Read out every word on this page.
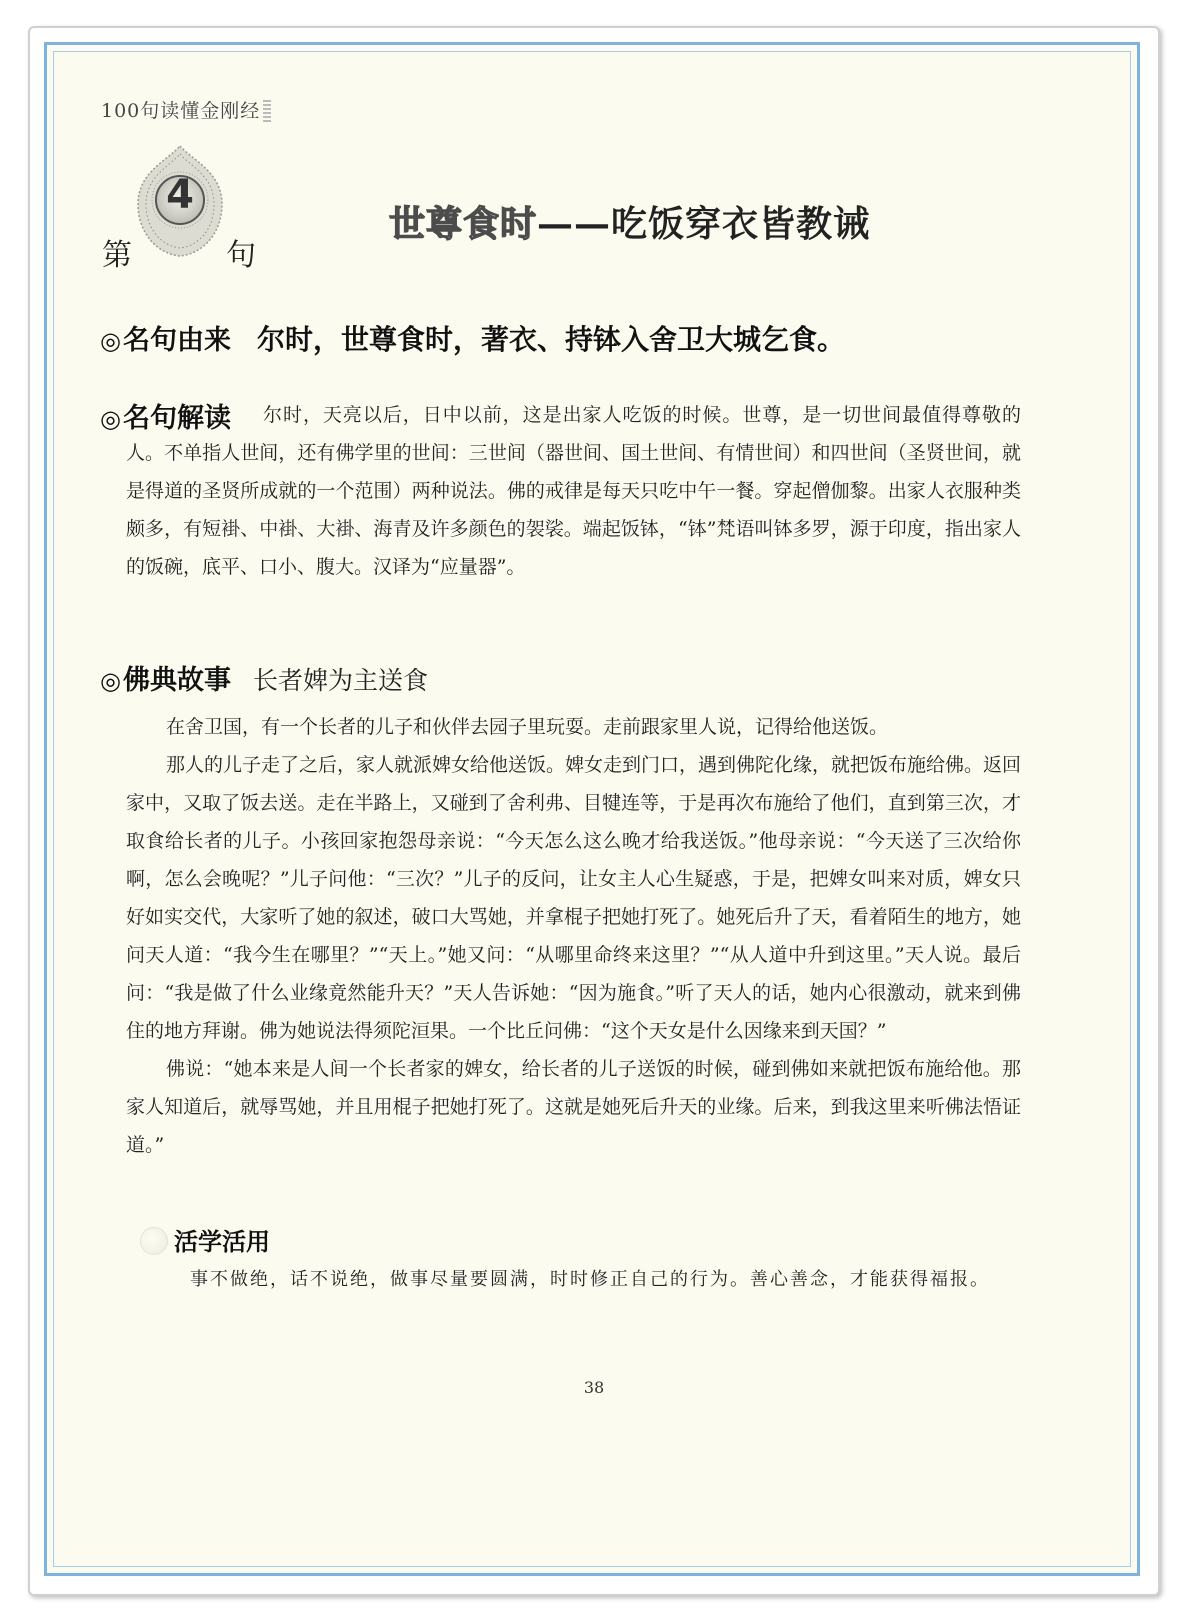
100句读懂金刚经
第
4
句
世尊食时——吃饭穿衣皆教诫
◎名句由来 尔时，世尊食时，著衣、持钵入舍卫大城乞食。
◎名句解读	尔时，天亮以后，日中以前，这是出家人吃饭的时候。世尊，是一切世间最值得尊敬的人。不单指人世间，还有佛学里的世间：三世间（器世间、国土世间、有情世间）和四世间（圣贤世间，就是得道的圣贤所成就的一个范围）两种说法。佛的戒律是每天只吃中午一餐。穿起僧伽黎。出家人衣服种类颇多，有短褂、中褂、大褂、海青及许多颜色的袈裟。端起饭钵，“钵”梵语叫钵多罗，源于印度，指出家人的饭碗，底平、口小、腹大。汉译为“应量器”。
◎佛典故事 长者婢为主送食

在舍卫国，有一个长者的儿子和伙伴去园子里玩耍。走前跟家里人说，记得给他送饭。

那人的儿子走了之后，家人就派婢女给他送饭。婢女走到门口，遇到佛陀化缘，就把饭布施给佛。返回家中，又取了饭去送。走在半路上，又碰到了舍利弗、目犍连等，于是再次布施给了他们，直到第三次，才取食给长者的儿子。小孩回家抱怨母亲说：“今天怎么这么晚才给我送饭。”他母亲说：“今天送了三次给你啊，怎么会晚呢？”儿子问他：“三次？”儿子的反问，让女主人心生疑惑，于是，把婢女叫来对质，婢女只好如实交代，大家听了她的叙述，破口大骂她，并拿棍子把她打死了。她死后升了天，看着陌生的地方，她问天人道：“我今生在哪里？”“天上。”她又问：“从哪里命终来这里？”“从人道中升到这里。”天人说。最后问：“我是做了什么业缘竟然能升天？”天人告诉她：“因为施食。”听了天人的话，她内心很激动，就来到佛住的地方拜谢。佛为她说法得须陀洹果。一个比丘问佛：“这个天女是什么因缘来到天国？”

佛说：“她本来是人间一个长者家的婢女，给长者的儿子送饭的时候，碰到佛如来就把饭布施给他。那家人知道后，就辱骂她，并且用棍子把她打死了。这就是她死后升天的业缘。后来，到我这里来听佛法悟证道。”

活学活用
事不做绝，话不说绝，做事尽量要圆满，时时修正自己的行为。善心善念，才能获得福报。
38
